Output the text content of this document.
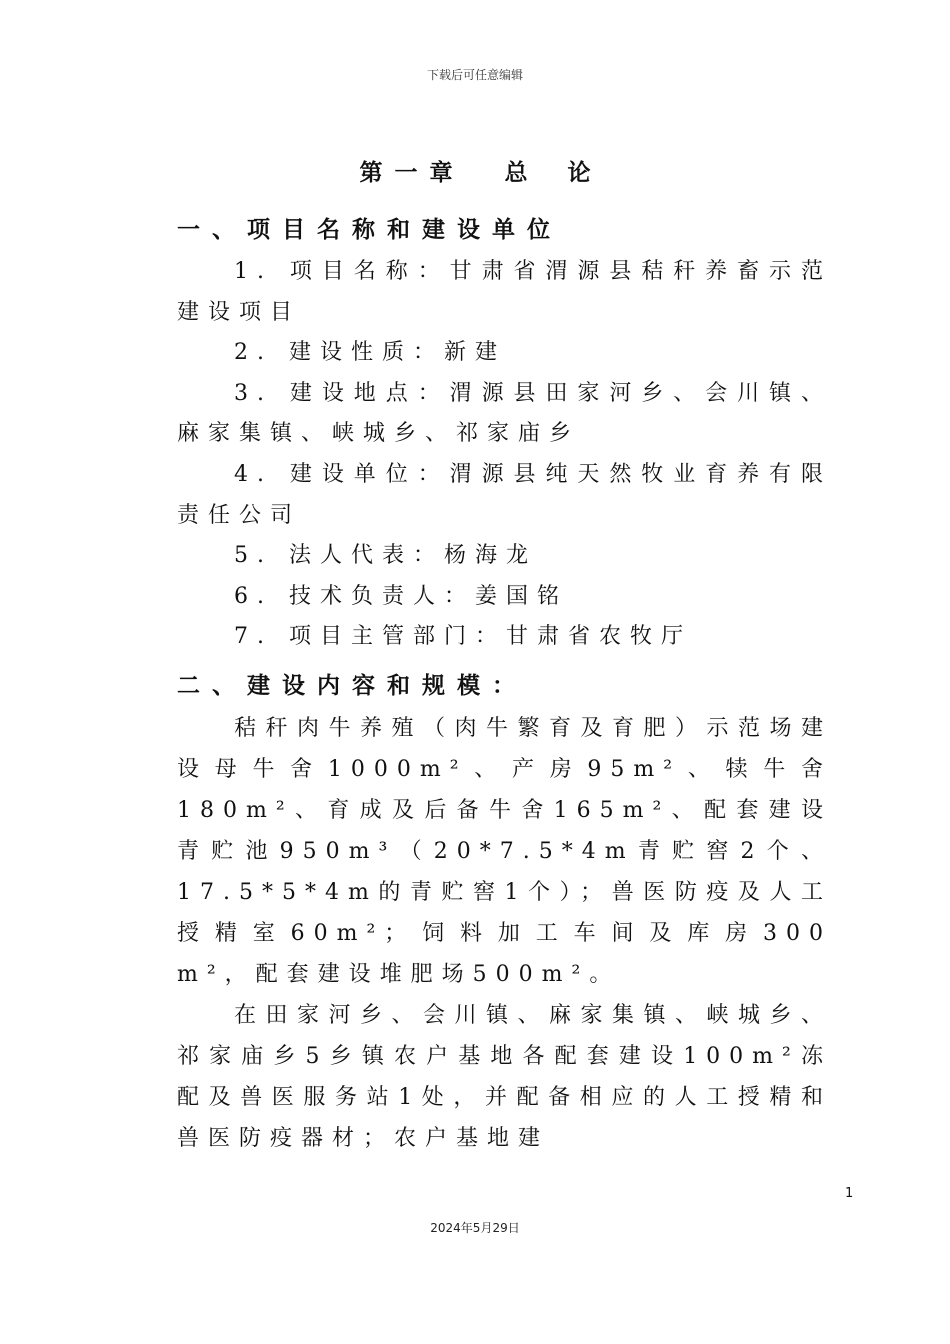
下载后可任意编辑
第一章 总 论
一、项目名称和建设单位
1. 项目名称：甘肃省渭源县秸秆养畜示范建设项目
2. 建设性质：新建
3. 建设地点：渭源县田家河乡、会川镇、麻家集镇、峡城乡、祁家庙乡
4. 建设单位：渭源县纯天然牧业育养有限责任公司
5. 法人代表：杨海龙
6. 技术负责人：姜国铭
7. 项目主管部门：甘肃省农牧厅
二、建设内容和规模：
秸秆肉牛养殖（肉牛繁育及育肥）示范场建设母牛舍1000m²、产房95m²、犊牛舍180m²、育成及后备牛舍165m²、配套建设青贮池950m³（20*7.5*4m青贮窖2个、17.5*5*4m的青贮窖1个）；兽医防疫及人工授精室60m²；饲料加工车间及库房300 m²，配套建设堆肥场500m²。
在田家河乡、会川镇、麻家集镇、峡城乡、祁家庙乡5乡镇农户基地各配套建设100m²冻配及兽医服务站1处，并配备相应的人工授精和兽医防疫器材；农户基地建
1
2024年5月29日
